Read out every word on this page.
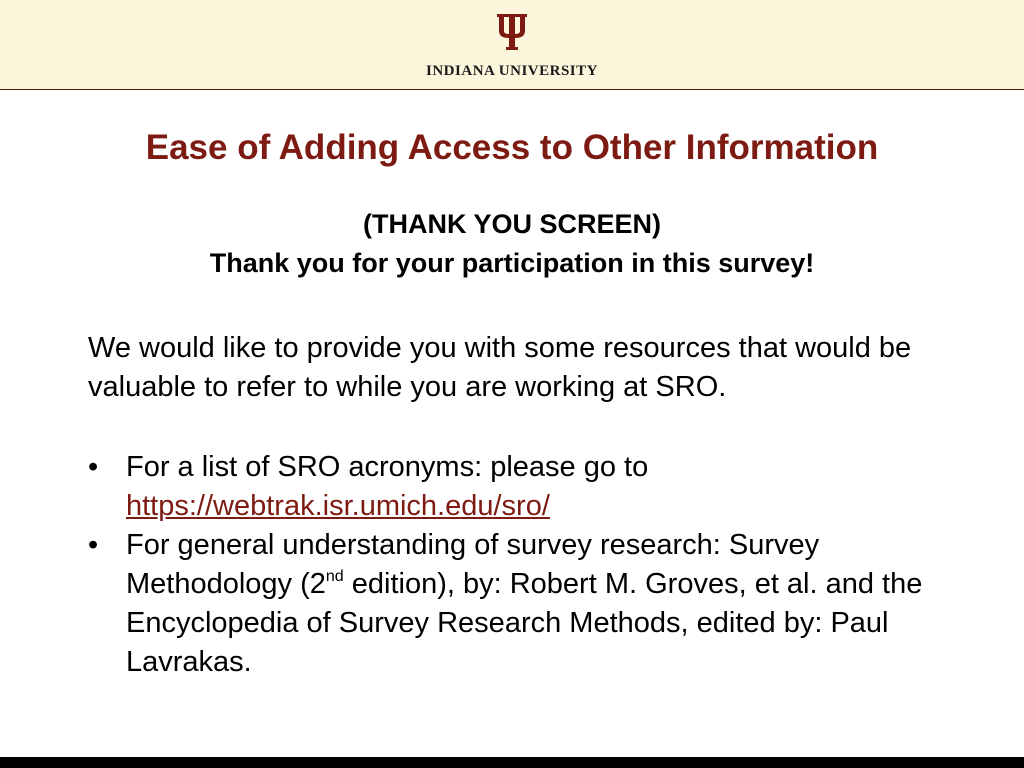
INDIANA UNIVERSITY
Ease of Adding Access to Other Information
(THANK YOU SCREEN)
Thank you for your participation in this survey!

We would like to provide you with some resources that would be valuable to refer to while you are working at SRO.

• For a list of SRO acronyms: please go to
https://webtrak.isr.umich.edu/sro/
• For general understanding of survey research: Survey Methodology (2nd edition), by: Robert M. Groves, et al. and the Encyclopedia of Survey Research Methods, edited by: Paul Lavrakas.
